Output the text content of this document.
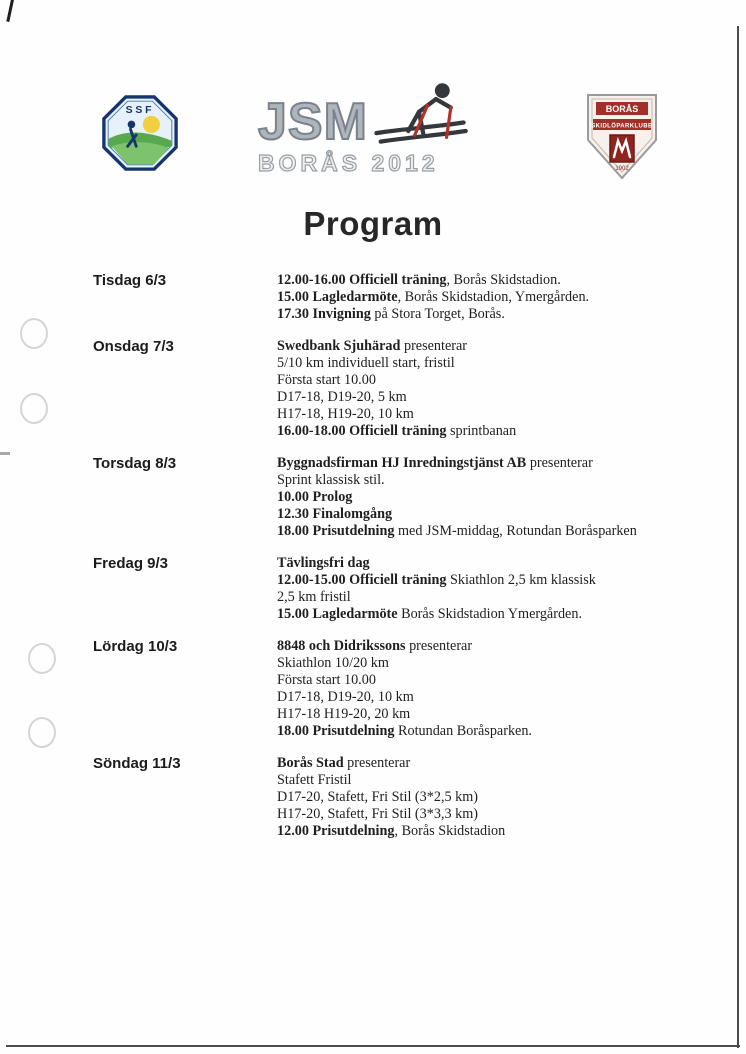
SSF JSM
BORÅS 2012
BORÅS
SKIDLÖPARKLUBB
1902
Program
Tisdag 6/3	12.00-16.00 Officiell träning, Borås Skidstadion.
15.00 Lagledarmöte, Borås Skidstadion, Ymergården.
17.30 Invigning på Stora Torget, Borås.
Onsdag 7/3	Swedbank Sjuhärad presenterar
5/10 km individuell start, fristil
Första start 10.00
D17-18, D19-20, 5 km
H17-18, H19-20, 10 km
16.00-18.00 Officiell träning sprintbanan
Torsdag 8/3	Byggnadsfirman HJ Inredningstjänst AB presenterar
Sprint klassisk stil.
10.00 Prolog
12.30 Finalomgång
18.00 Prisutdelning med JSM-middag, Rotundan Boråsparken
Fredag 9/3	Tävlingsfri dag
12.00-15.00 Officiell träning Skiathlon 2,5 km klassisk
2,5 km fristil
15.00 Lagledarmöte Borås Skidstadion Ymergården.
Lördag 10/3	8848 och Didrikssons presenterar
Skiathlon 10/20 km
Första start 10.00
D17-18, D19-20, 10 km
H17-18 H19-20, 20 km
18.00 Prisutdelning Rotundan Boråsparken.
Söndag 11/3	Borås Stad presenterar
Stafett Fristil
D17-20, Stafett, Fri Stil (3*2,5 km)
H17-20, Stafett, Fri Stil (3*3,3 km)
12.00 Prisutdelning, Borås Skidstadion
